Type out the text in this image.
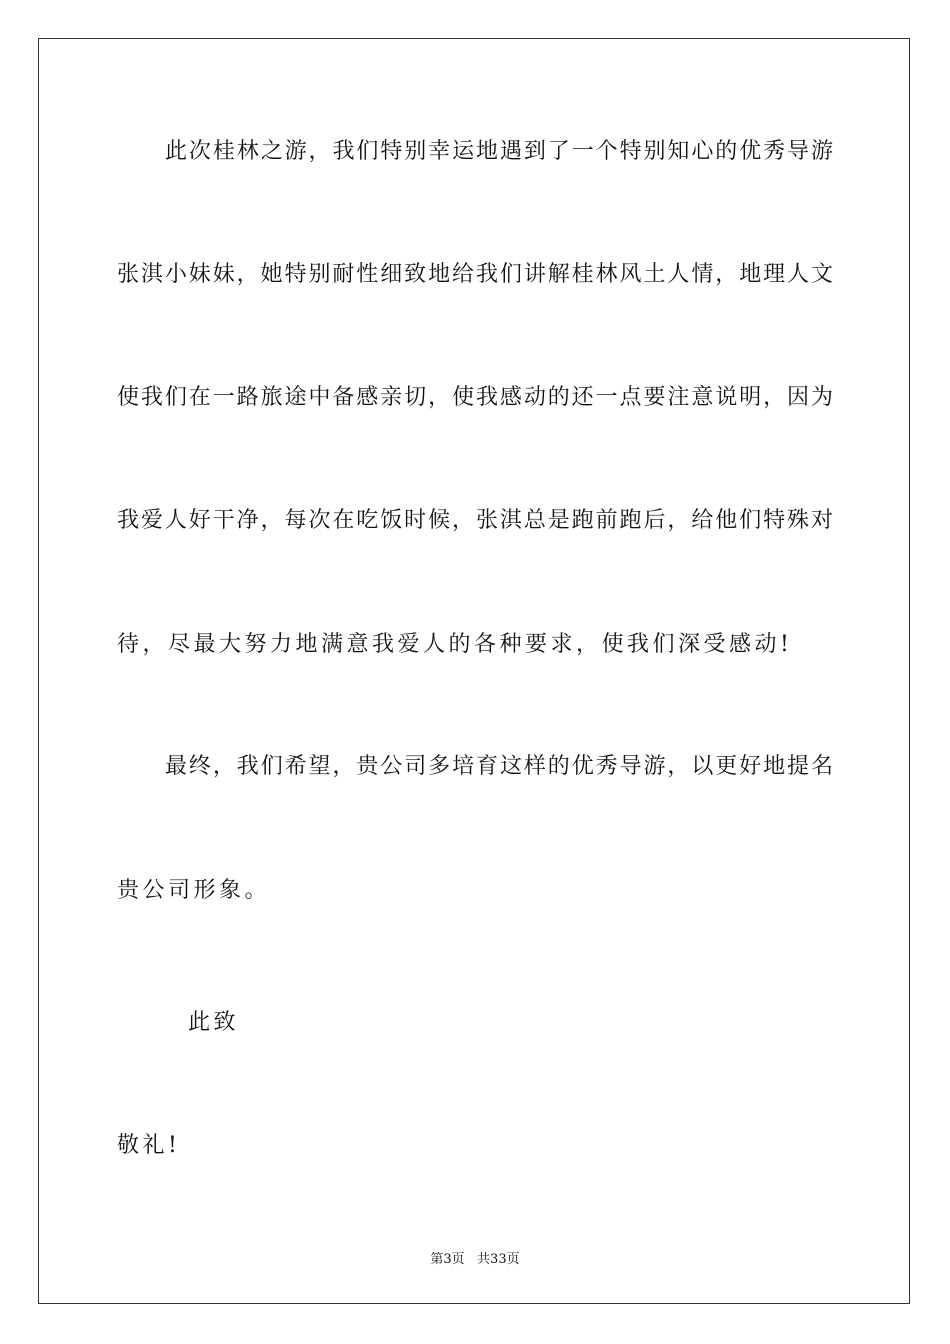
此次桂林之游，我们特别幸运地遇到了一个特别知心的优秀导游
张淇小妹妹，她特别耐性细致地给我们讲解桂林风土人情，地理人文
使我们在一路旅途中备感亲切，使我感动的还一点要注意说明，因为
我爱人好干净，每次在吃饭时候，张淇总是跑前跑后，给他们特殊对
待，尽最大努力地满意我爱人的各种要求，使我们深受感动!
最终，我们希望，贵公司多培育这样的优秀导游，以更好地提名
贵公司形象。
此致
敬礼!
第3页   共33页
